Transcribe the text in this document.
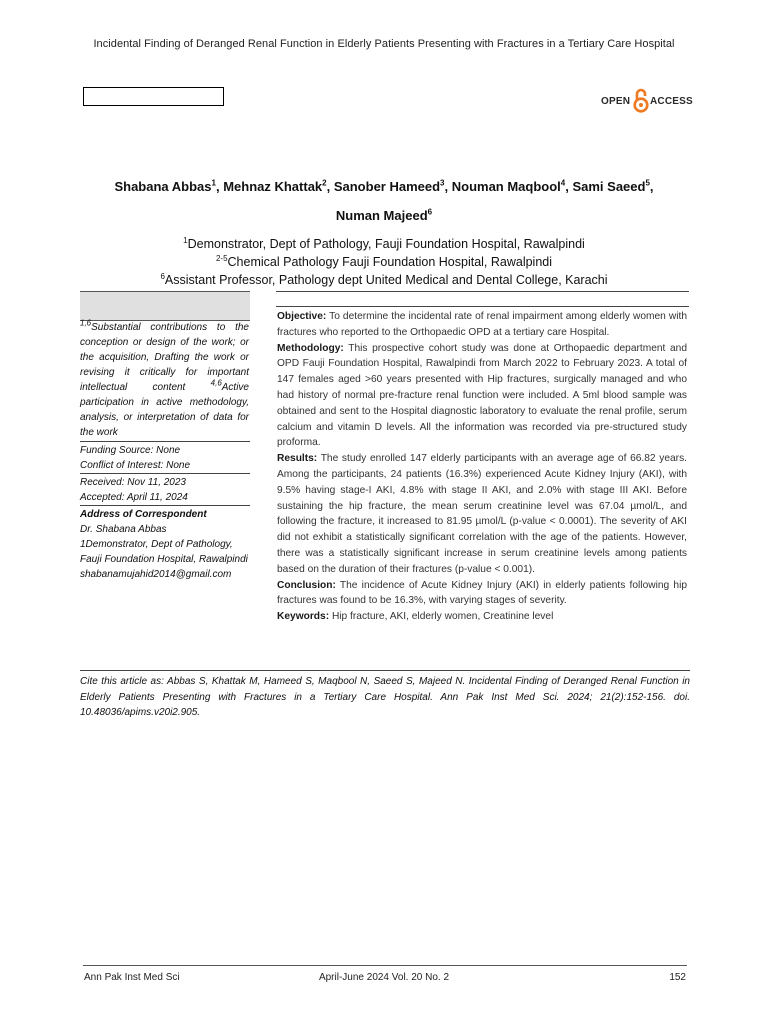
Incidental Finding of Deranged Renal Function in Elderly Patients Presenting with Fractures in a Tertiary Care Hospital
OPEN ACCESS
Shabana Abbas$^1$, Mehnaz Khattak$^2$, Sanober Hameed$^3$, Nouman Maqbool$^4$, Sami Saeed$^5$,
Numan Majeed$^6$
$^1$Demonstrator, Dept of Pathology, Fauji Foundation Hospital, Rawalpindi
$^{2-5}$Chemical Pathology Fauji Foundation Hospital, Rawalpindi
$^6$Assistant Professor, Pathology dept United Medical and Dental College, Karachi
$^{1,6}$Substantial contributions to the conception or design of the work; or the acquisition, Drafting the work or revising it critically for important intellectual content	$^{4,6}$Active participation in active methodology, analysis, or interpretation of data for the work
Funding Source: None
Conflict of Interest: None
Received: Nov 11, 2023
Accepted: April 11, 2024
Address of Correspondent
Dr. Shabana Abbas
1Demonstrator, Dept of Pathology, Fauji Foundation Hospital, Rawalpindi
shabanamujahid2014@gmail.com

Objective: To determine the incidental rate of renal impairment among elderly women with fractures who reported to the Orthopaedic OPD at a tertiary care Hospital.

Methodology: This prospective cohort study was done at Orthopaedic department and OPD Fauji Foundation Hospital, Rawalpindi from March 2022 to February 2023. A total of 147 females aged >60 years presented with Hip fractures, surgically managed and who had history of normal pre-fracture renal function were included. A 5ml blood sample was obtained and sent to the Hospital diagnostic laboratory to evaluate the renal profile, serum calcium and vitamin D levels. All the information was recorded via pre-structured study proforma.

Results: The study enrolled 147 elderly participants with an average age of 66.82 years. Among the participants, 24 patients (16.3%) experienced Acute Kidney Injury (AKI), with 9.5% having stage-I AKI, 4.8% with stage II AKI, and 2.0% with stage III AKI. Before sustaining the hip fracture, the mean serum creatinine level was 67.04 µmol/L, and following the fracture, it increased to 81.95 µmol/L (p-value < 0.0001). The severity of AKI did not exhibit a statistically significant correlation with the age of the patients. However, there was a statistically significant increase in serum creatinine levels among patients based on the duration of their fractures (p-value < 0.001).

Conclusion: The incidence of Acute Kidney Injury (AKI) in elderly patients following hip fractures was found to be 16.3%, with varying stages of severity.

Keywords: Hip fracture, AKI, elderly women, Creatinine level

Cite this article as: Abbas S, Khattak M, Hameed S, Maqbool N, Saeed S, Majeed N. Incidental Finding of Deranged Renal Function in Elderly Patients Presenting with Fractures in a Tertiary Care Hospital. Ann Pak Inst Med Sci. 2024; 21(2):152-156. doi. 10.48036/apims.v20i2.905.
Ann Pak Inst Med Sci	April-June 2024 Vol. 20 No. 2	152
